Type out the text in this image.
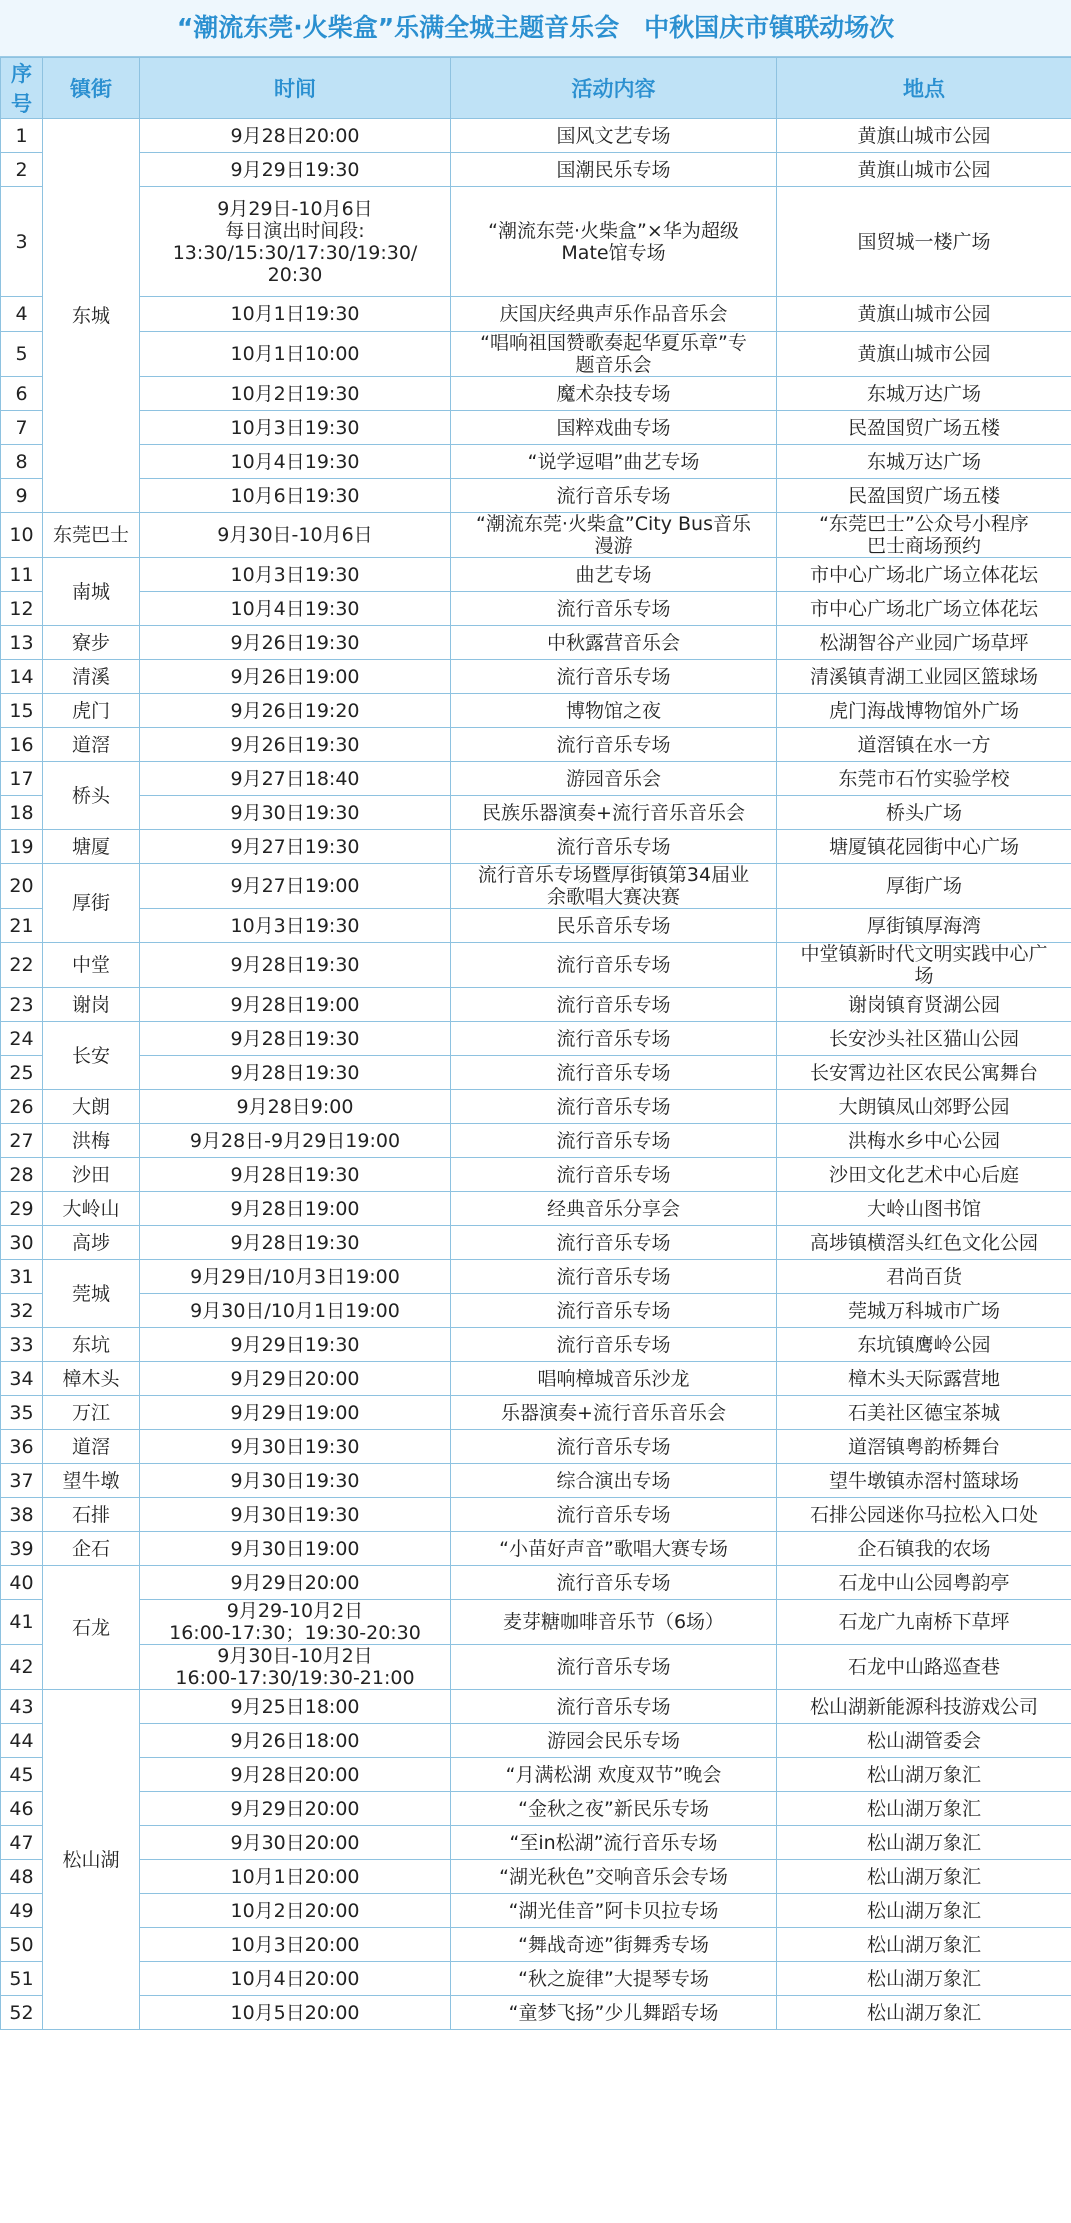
“潮流东莞·火柴盒”乐满全城主题音乐会　中秋国庆市镇联动场次
序号	镇街	时间	活动内容	地点
1	东城	9月28日20:00	国风文艺专场	黄旗山城市公园
2		9月29日19:30	国潮民乐专场	黄旗山城市公园
3		9月29日-10月6日
每日演出时间段:
13:30/15:30/17:30/19:30/
20:30	“潮流东莞·火柴盒”×华为超级
Mate馆专场	国贸城一楼广场
4		10月1日19:30	庆国庆经典声乐作品音乐会	黄旗山城市公园
5		10月1日10:00	“唱响祖国赞歌奏起华夏乐章”专
题音乐会	黄旗山城市公园
6		10月2日19:30	魔术杂技专场	东城万达广场
7		10月3日19:30	国粹戏曲专场	民盈国贸广场五楼
8		10月4日19:30	“说学逗唱”曲艺专场	东城万达广场
9		10月6日19:30	流行音乐专场	民盈国贸广场五楼
10	东莞巴士	9月30日-10月6日	“潮流东莞·火柴盒”City Bus音乐
漫游	“东莞巴士”公众号小程序
巴士商场预约
11	南城	10月3日19:30	曲艺专场	市中心广场北广场立体花坛
12		10月4日19:30	流行音乐专场	市中心广场北广场立体花坛
13	寮步	9月26日19:30	中秋露营音乐会	松湖智谷产业园广场草坪
14	清溪	9月26日19:00	流行音乐专场	清溪镇青湖工业园区篮球场
15	虎门	9月26日19:20	博物馆之夜	虎门海战博物馆外广场
16	道滘	9月26日19:30	流行音乐专场	道滘镇在水一方
17	桥头	9月27日18:40	游园音乐会	东莞市石竹实验学校
18		9月30日19:30	民族乐器演奏+流行音乐音乐会	桥头广场
19	塘厦	9月27日19:30	流行音乐专场	塘厦镇花园街中心广场
20	厚街	9月27日19:00	流行音乐专场暨厚街镇第34届业
余歌唱大赛决赛	厚街广场
21		10月3日19:30	民乐音乐专场	厚街镇厚海湾
22	中堂	9月28日19:30	流行音乐专场	中堂镇新时代文明实践中心广
场
23	谢岗	9月28日19:00	流行音乐专场	谢岗镇育贤湖公园
24	长安	9月28日19:30	流行音乐专场	长安沙头社区猫山公园
25		9月28日19:30	流行音乐专场	长安霄边社区农民公寓舞台
26	大朗	9月28日9:00	流行音乐专场	大朗镇凤山郊野公园
27	洪梅	9月28日-9月29日19:00	流行音乐专场	洪梅水乡中心公园
28	沙田	9月28日19:30	流行音乐专场	沙田文化艺术中心后庭
29	大岭山	9月28日19:00	经典音乐分享会	大岭山图书馆
30	高埗	9月28日19:30	流行音乐专场	高埗镇横滘头红色文化公园
31	莞城	9月29日/10月3日19:00	流行音乐专场	君尚百货
32		9月30日/10月1日19:00	流行音乐专场	莞城万科城市广场
33	东坑	9月29日19:30	流行音乐专场	东坑镇鹰岭公园
34	樟木头	9月29日20:00	唱响樟城音乐沙龙	樟木头天际露营地
35	万江	9月29日19:00	乐器演奏+流行音乐音乐会	石美社区德宝茶城
36	道滘	9月30日19:30	流行音乐专场	道滘镇粤韵桥舞台
37	望牛墩	9月30日19:30	综合演出专场	望牛墩镇赤滘村篮球场
38	石排	9月30日19:30	流行音乐专场	石排公园迷你马拉松入口处
39	企石	9月30日19:00	“小苗好声音”歌唱大赛专场	企石镇我的农场
40	石龙	9月29日20:00	流行音乐专场	石龙中山公园粤韵亭
41		9月29-10月2日
16:00-17:30；19:30-20:30	麦芽糖咖啡音乐节（6场）	石龙广九南桥下草坪
42		9月30日-10月2日
16:00-17:30/19:30-21:00	流行音乐专场	石龙中山路巡查巷
43	松山湖	9月25日18:00	流行音乐专场	松山湖新能源科技游戏公司
44		9月26日18:00	游园会民乐专场	松山湖管委会
45		9月28日20:00	“月满松湖 欢度双节”晚会	松山湖万象汇
46		9月29日20:00	“金秋之夜”新民乐专场	松山湖万象汇
47		9月30日20:00	“至in松湖”流行音乐专场	松山湖万象汇
48		10月1日20:00	“湖光秋色”交响音乐会专场	松山湖万象汇
49		10月2日20:00	“湖光佳音”阿卡贝拉专场	松山湖万象汇
50		10月3日20:00	“舞战奇迹”街舞秀专场	松山湖万象汇
51		10月4日20:00	“秋之旋律”大提琴专场	松山湖万象汇
52		10月5日20:00	“童梦飞扬”少儿舞蹈专场	松山湖万象汇
